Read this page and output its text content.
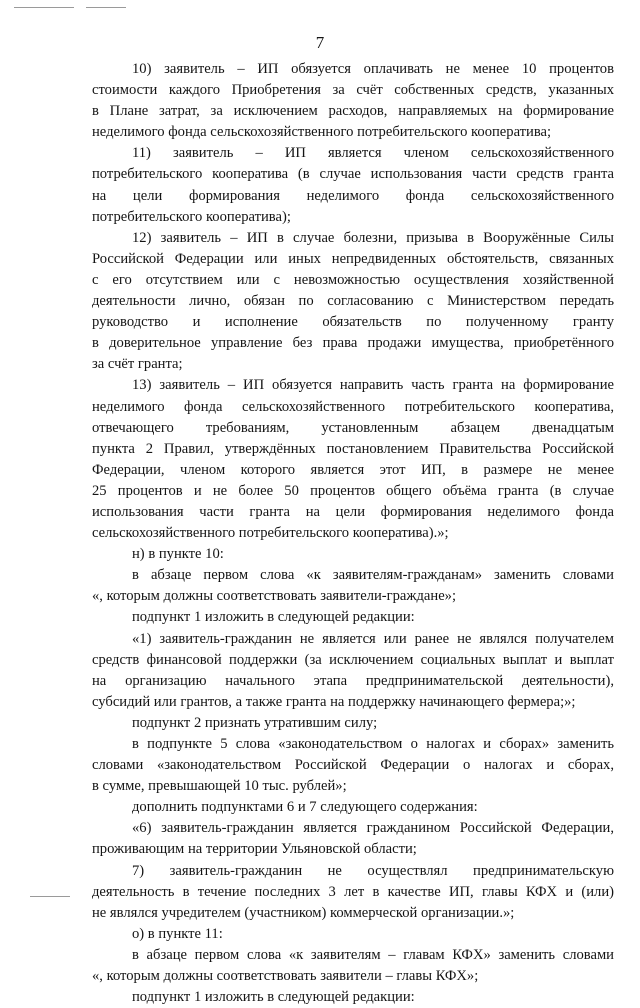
7
10) заявитель – ИП обязуется оплачивать не менее 10 процентов
стоимости каждого Приобретения за счёт собственных средств, указанных
в Плане затрат, за исключением расходов, направляемых на формирование
неделимого фонда сельскохозяйственного потребительского кооператива;
11) заявитель – ИП является членом сельскохозяйственного
потребительского кооператива (в случае использования части средств гранта
на цели формирования неделимого фонда сельскохозяйственного
потребительского кооператива);
12) заявитель – ИП в случае болезни, призыва в Вооружённые Силы
Российской Федерации или иных непредвиденных обстоятельств, связанных
с его отсутствием или с невозможностью осуществления хозяйственной
деятельности лично, обязан по согласованию с Министерством передать
руководство и исполнение обязательств по полученному гранту
в доверительное управление без права продажи имущества, приобретённого
за счёт гранта;
13) заявитель – ИП обязуется направить часть гранта на формирование
неделимого фонда сельскохозяйственного потребительского кооператива,
отвечающего требованиям, установленным абзацем двенадцатым
пункта 2 Правил, утверждённых постановлением Правительства Российской
Федерации, членом которого является этот ИП, в размере не менее
25 процентов и не более 50 процентов общего объёма гранта (в случае
использования части гранта на цели формирования неделимого фонда
сельскохозяйственного потребительского кооператива).»;
н) в пункте 10:
в абзаце первом слова «к заявителям-гражданам» заменить словами
«, которым должны соответствовать заявители-граждане»;
подпункт 1 изложить в следующей редакции:
«1) заявитель-гражданин не является или ранее не являлся получателем
средств финансовой поддержки (за исключением социальных выплат и выплат
на организацию начального этапа предпринимательской деятельности),
субсидий или грантов, а также гранта на поддержку начинающего фермера;»;
подпункт 2 признать утратившим силу;
в подпункте 5 слова «законодательством о налогах и сборах» заменить
словами «законодательством Российской Федерации о налогах и сборах,
в сумме, превышающей 10 тыс. рублей»;
дополнить подпунктами 6 и 7 следующего содержания:
«6) заявитель-гражданин является гражданином Российской Федерации,
проживающим на территории Ульяновской области;
7) заявитель-гражданин не осуществлял предпринимательскую
деятельность в течение последних 3 лет в качестве ИП, главы КФХ и (или)
не являлся учредителем (участником) коммерческой организации.»;
о) в пункте 11:
в абзаце первом слова «к заявителям – главам КФХ» заменить словами
«, которым должны соответствовать заявители – главы КФХ»;
подпункт 1 изложить в следующей редакции:
